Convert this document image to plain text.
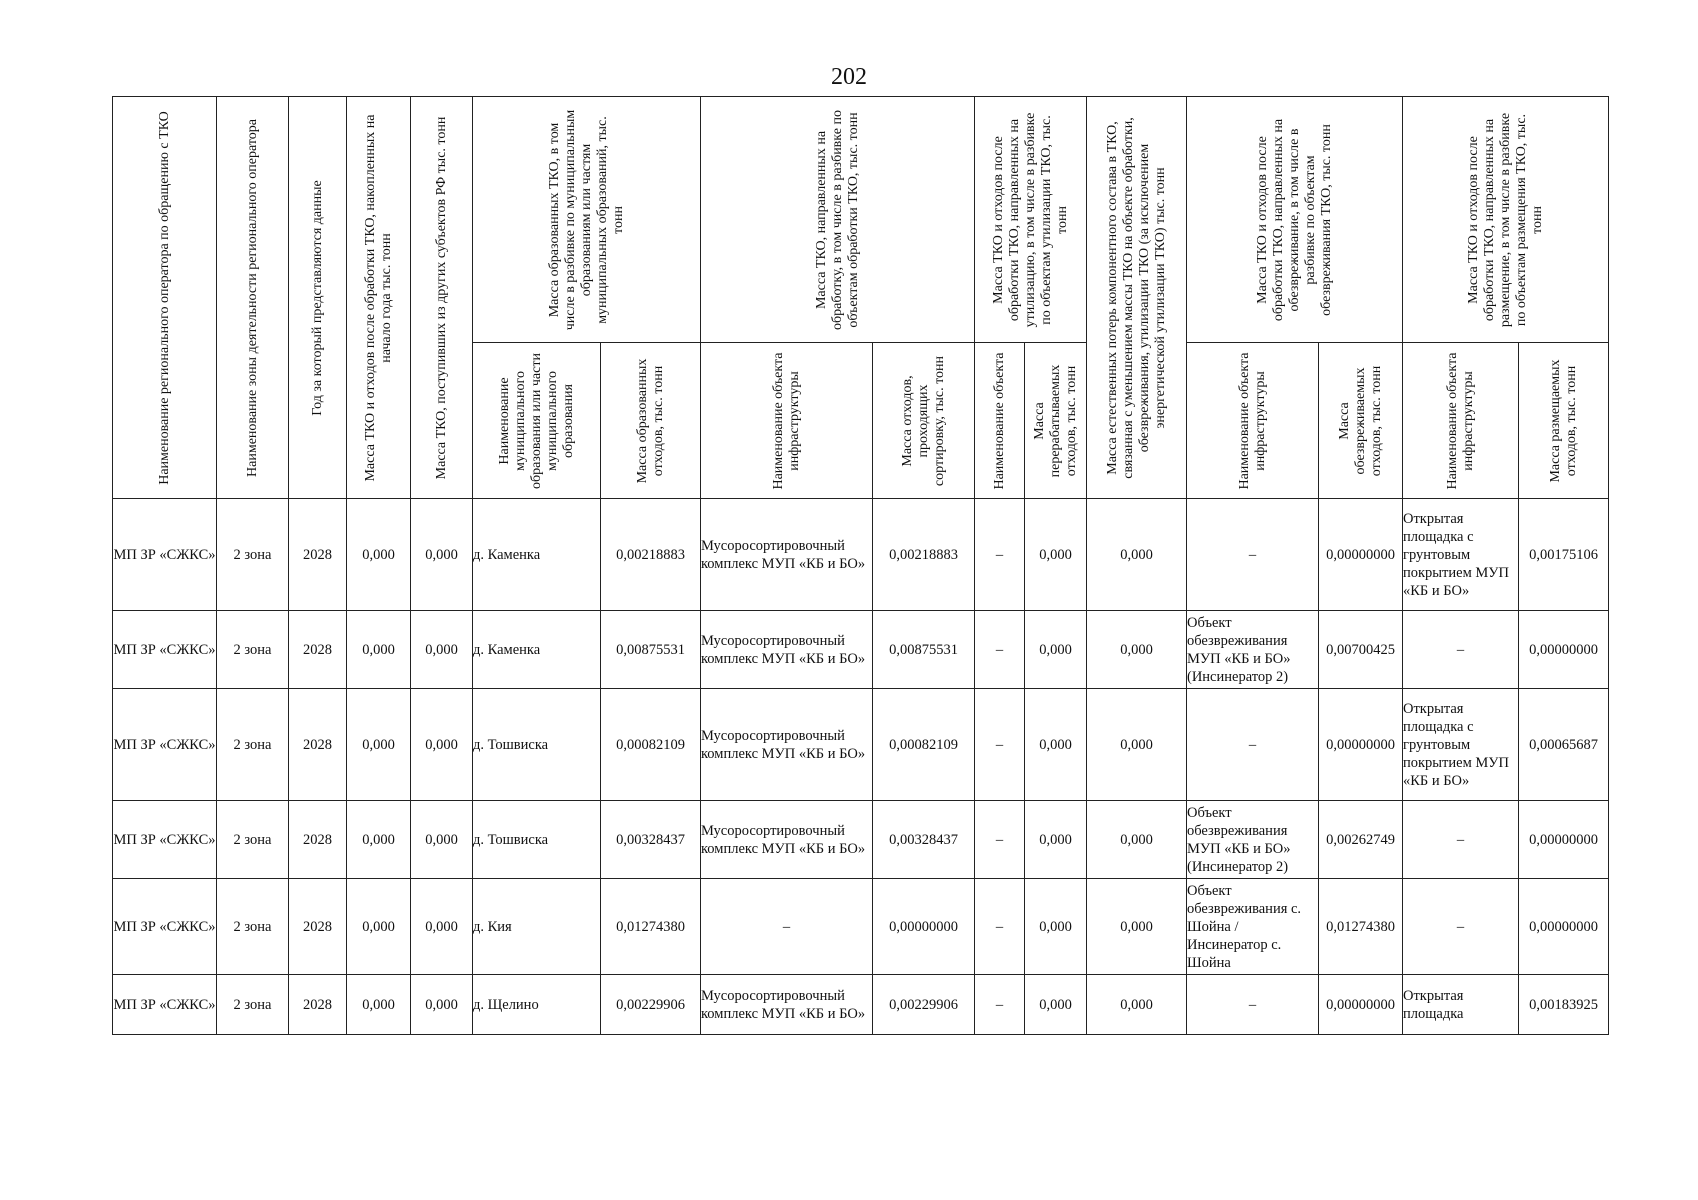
202
Наименование регионального оператора по обращению с ТКО	Наименование зоны деятельности регионального оператора	Год за который представляются данные	Масса ТКО и отходов после обработки ТКО, накопленных на начало года тыс. тонн	Масса ТКО, поступивших из других субъектов РФ тыс. тонн	Масса образованных ТКО, в том числе в разбивке по муниципальным образованиям или частям муниципальных образований, тыс. тонн		Масса ТКО, направленных на обработку, в том числе в разбивке по объектам обработки ТКО, тыс. тонн		Масса ТКО и отходов после обработки ТКО, направленных на утилизацию, в том числе в разбивке по объектам утилизации ТКО, тыс. тонн		Масса естественных потерь компонентного состава в ТКО, связанная с уменьшением массы ТКО на объекте обработки, обезвреживания, утилизации ТКО (за исключением энергетической утилизации ТКО) тыс. тонн	Масса ТКО и отходов после обработки ТКО, направленных на обезвреживание, в том числе в разбивке по объектам обезвреживания ТКО, тыс. тонн		Масса ТКО и отходов после обработки ТКО, направленных на размещение, в том числе в разбивке по объектам размещения ТКО, тыс. тонн	

					Наименование муниципального образования или части муниципального образования	Масса образованных отходов, тыс. тонн	Наименование объекта инфраструктуры	Масса отходов, проходящих сортировку, тыс. тонн	Наименование объекта	Масса перерабатываемых отходов, тыс. тонн		Наименование объекта инфраструктуры	Масса обезвреживаемых отходов, тыс. тонн	Наименование объекта инфраструктуры	Масса размещаемых отходов, тыс. тонн

МП ЗР «СЖКС»	2 зона	2028	0,000	0,000	д. Каменка	0,00218883	Мусоросортировочный комплекс МУП «КБ и БО»	0,00218883	–	0,000	0,000	–	0,00000000	Открытая площадка с грунтовым покрытием МУП «КБ и БО»	0,00175106
МП ЗР «СЖКС»	2 зона	2028	0,000	0,000	д. Каменка	0,00875531	Мусоросортировочный комплекс МУП «КБ и БО»	0,00875531	–	0,000	0,000	Объект обезвреживания МУП «КБ и БО» (Инсинератор 2)	0,00700425	–	0,00000000
МП ЗР «СЖКС»	2 зона	2028	0,000	0,000	д. Тошвиска	0,00082109	Мусоросортировочный комплекс МУП «КБ и БО»	0,00082109	–	0,000	0,000	–	0,00000000	Открытая площадка с грунтовым покрытием МУП «КБ и БО»	0,00065687
МП ЗР «СЖКС»	2 зона	2028	0,000	0,000	д. Тошвиска	0,00328437	Мусоросортировочный комплекс МУП «КБ и БО»	0,00328437	–	0,000	0,000	Объект обезвреживания МУП «КБ и БО» (Инсинератор 2)	0,00262749	–	0,00000000
МП ЗР «СЖКС»	2 зона	2028	0,000	0,000	д. Кия	0,01274380	–	0,00000000	–	0,000	0,000	Объект обезвреживания с. Шойна / Инсинератор с. Шойна	0,01274380	–	0,00000000
МП ЗР «СЖКС»	2 зона	2028	0,000	0,000	д. Щелино	0,00229906	Мусоросортировочный комплекс МУП «КБ и БО»	0,00229906	–	0,000	0,000	–	0,00000000	Открытая площадка	0,00183925
